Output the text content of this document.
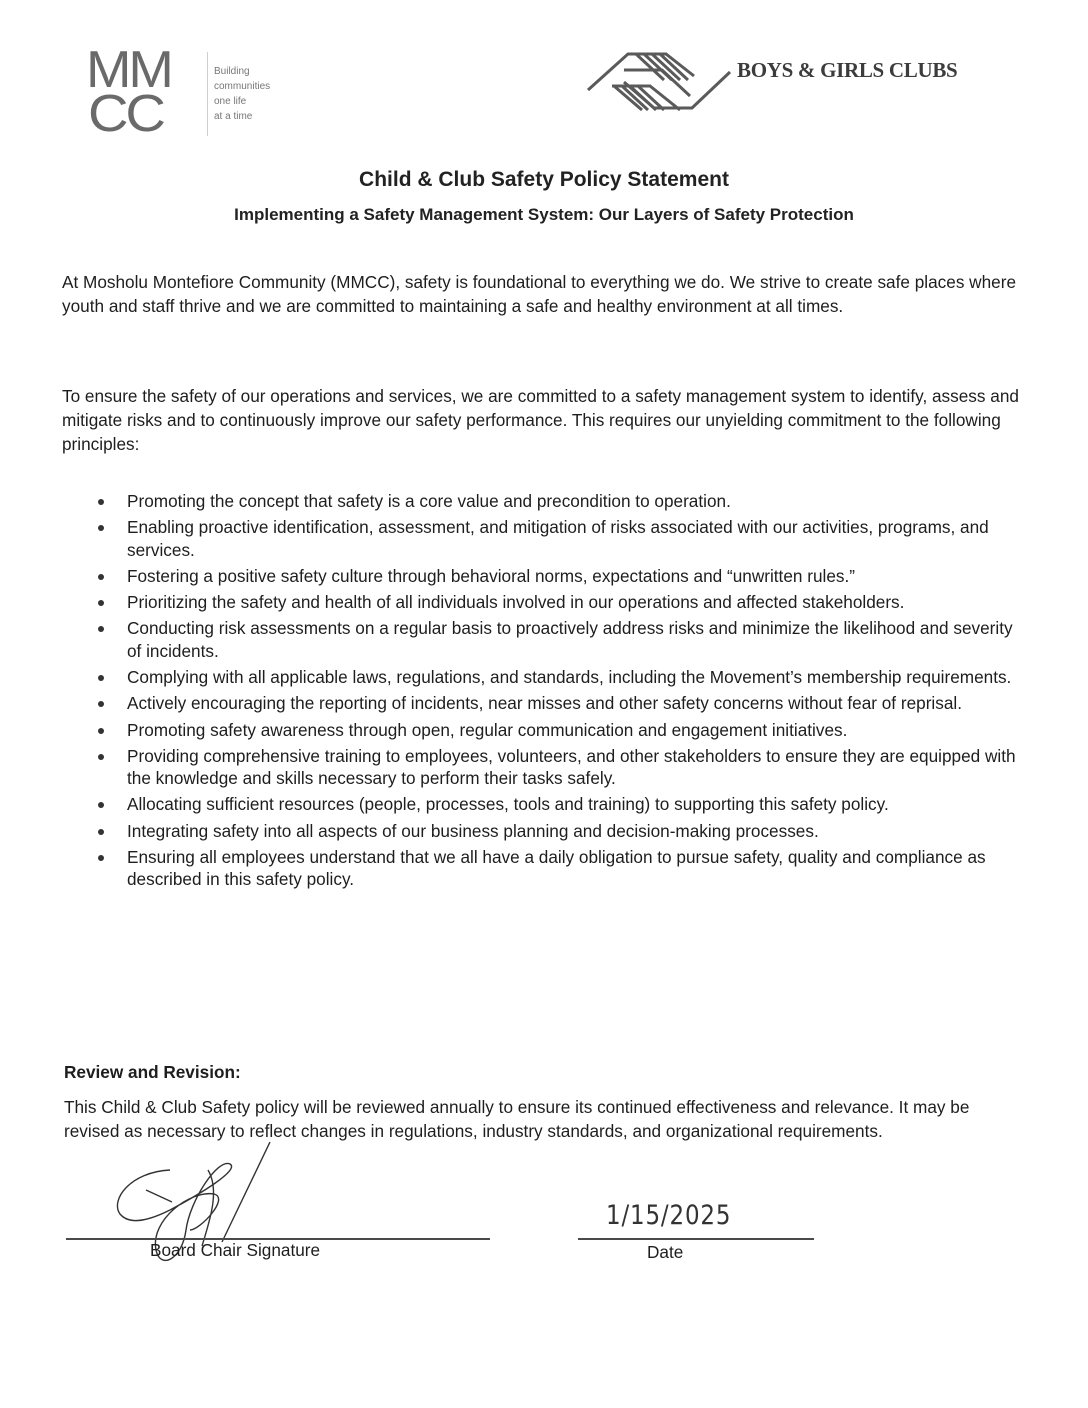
MM
CC
Building
communities
one life
at a time
BOYS & GIRLS CLUBS
Child & Club Safety Policy Statement
Implementing a Safety Management System: Our Layers of Safety Protection
At Mosholu Montefiore Community (MMCC), safety is foundational to everything we do. We strive to create safe places where youth and staff thrive and we are committed to maintaining a safe and healthy environment at all times.
To ensure the safety of our operations and services, we are committed to a safety management system to identify, assess and mitigate risks and to continuously improve our safety performance. This requires our unyielding commitment to the following principles:
Promoting the concept that safety is a core value and precondition to operation.
Enabling proactive identification, assessment, and mitigation of risks associated with our activities, programs, and services.
Fostering a positive safety culture through behavioral norms, expectations and “unwritten rules.”
Prioritizing the safety and health of all individuals involved in our operations and affected stakeholders.
Conducting risk assessments on a regular basis to proactively address risks and minimize the likelihood and severity of incidents.
Complying with all applicable laws, regulations, and standards, including the Movement’s membership requirements.
Actively encouraging the reporting of incidents, near misses and other safety concerns without fear of reprisal.
Promoting safety awareness through open, regular communication and engagement initiatives.
Providing comprehensive training to employees, volunteers, and other stakeholders to ensure they are equipped with the knowledge and skills necessary to perform their tasks safely.
Allocating sufficient resources (people, processes, tools and training) to supporting this safety policy.
Integrating safety into all aspects of our business planning and decision-making processes.
Ensuring all employees understand that we all have a daily obligation to pursue safety, quality and compliance as described in this safety policy.
Review and Revision:
This Child & Club Safety policy will be reviewed annually to ensure its continued effectiveness and relevance. It may be revised as necessary to reflect changes in regulations, industry standards, and organizational requirements.
Board Chair Signature
1/15/2025
Date
